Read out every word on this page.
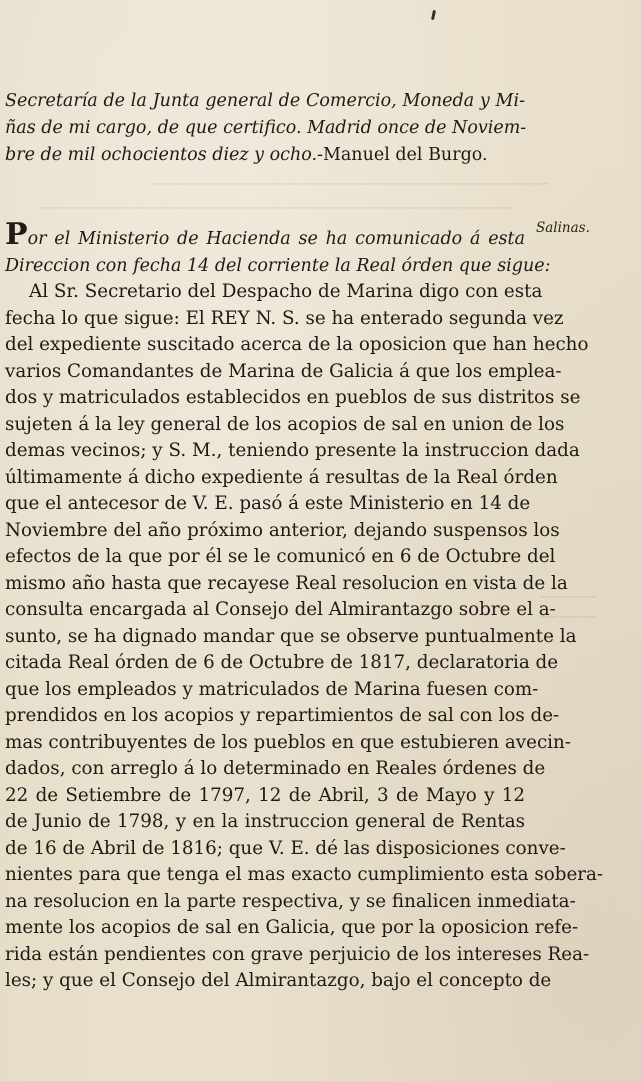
—————————————————————
—————————————————————————
———
———
Salinas.
Secretaría de la Junta general de Comercio, Moneda y Mi-
ñas de mi cargo, de que certifico. Madrid once de Noviem-
bre de mil ochocientos diez y ocho.-Manuel del Burgo.
Por el Ministerio de Hacienda se ha comunicado á esta
Direccion con fecha 14 del corriente la Real órden que sigue:
Al Sr. Secretario del Despacho de Marina digo con esta
fecha lo que sigue: El REY N. S. se ha enterado segunda vez
del expediente suscitado acerca de la oposicion que han hecho
varios Comandantes de Marina de Galicia á que los emplea-
dos y matriculados establecidos en pueblos de sus distritos se
sujeten á la ley general de los acopios de sal en union de los
demas vecinos; y S. M., teniendo presente la instruccion dada
últimamente á dicho expediente á resultas de la Real órden
que el antecesor de V. E. pasó á este Ministerio en 14 de
Noviembre del año próximo anterior, dejando suspensos los
efectos de la que por él se le comunicó en 6 de Octubre del
mismo año hasta que recayese Real resolucion en vista de la
consulta encargada al Consejo del Almirantazgo sobre el a-
sunto, se ha dignado mandar que se observe puntualmente la
citada Real órden de 6 de Octubre de 1817, declaratoria de
que los empleados y matriculados de Marina fuesen com-
prendidos en los acopios y repartimientos de sal con los de-
mas contribuyentes de los pueblos en que estubieren avecin-
dados, con arreglo á lo determinado en Reales órdenes de
22 de Setiembre de 1797, 12 de Abril, 3 de Mayo y 12
de Junio de 1798, y en la instruccion general de Rentas
de 16 de Abril de 1816; que V. E. dé las disposiciones conve-
nientes para que tenga el mas exacto cumplimiento esta sobera-
na resolucion en la parte respectiva, y se finalicen inmediata-
mente los acopios de sal en Galicia, que por la oposicion refe-
rida están pendientes con grave perjuicio de los intereses Rea-
les; y que el Consejo del Almirantazgo, bajo el concepto de
